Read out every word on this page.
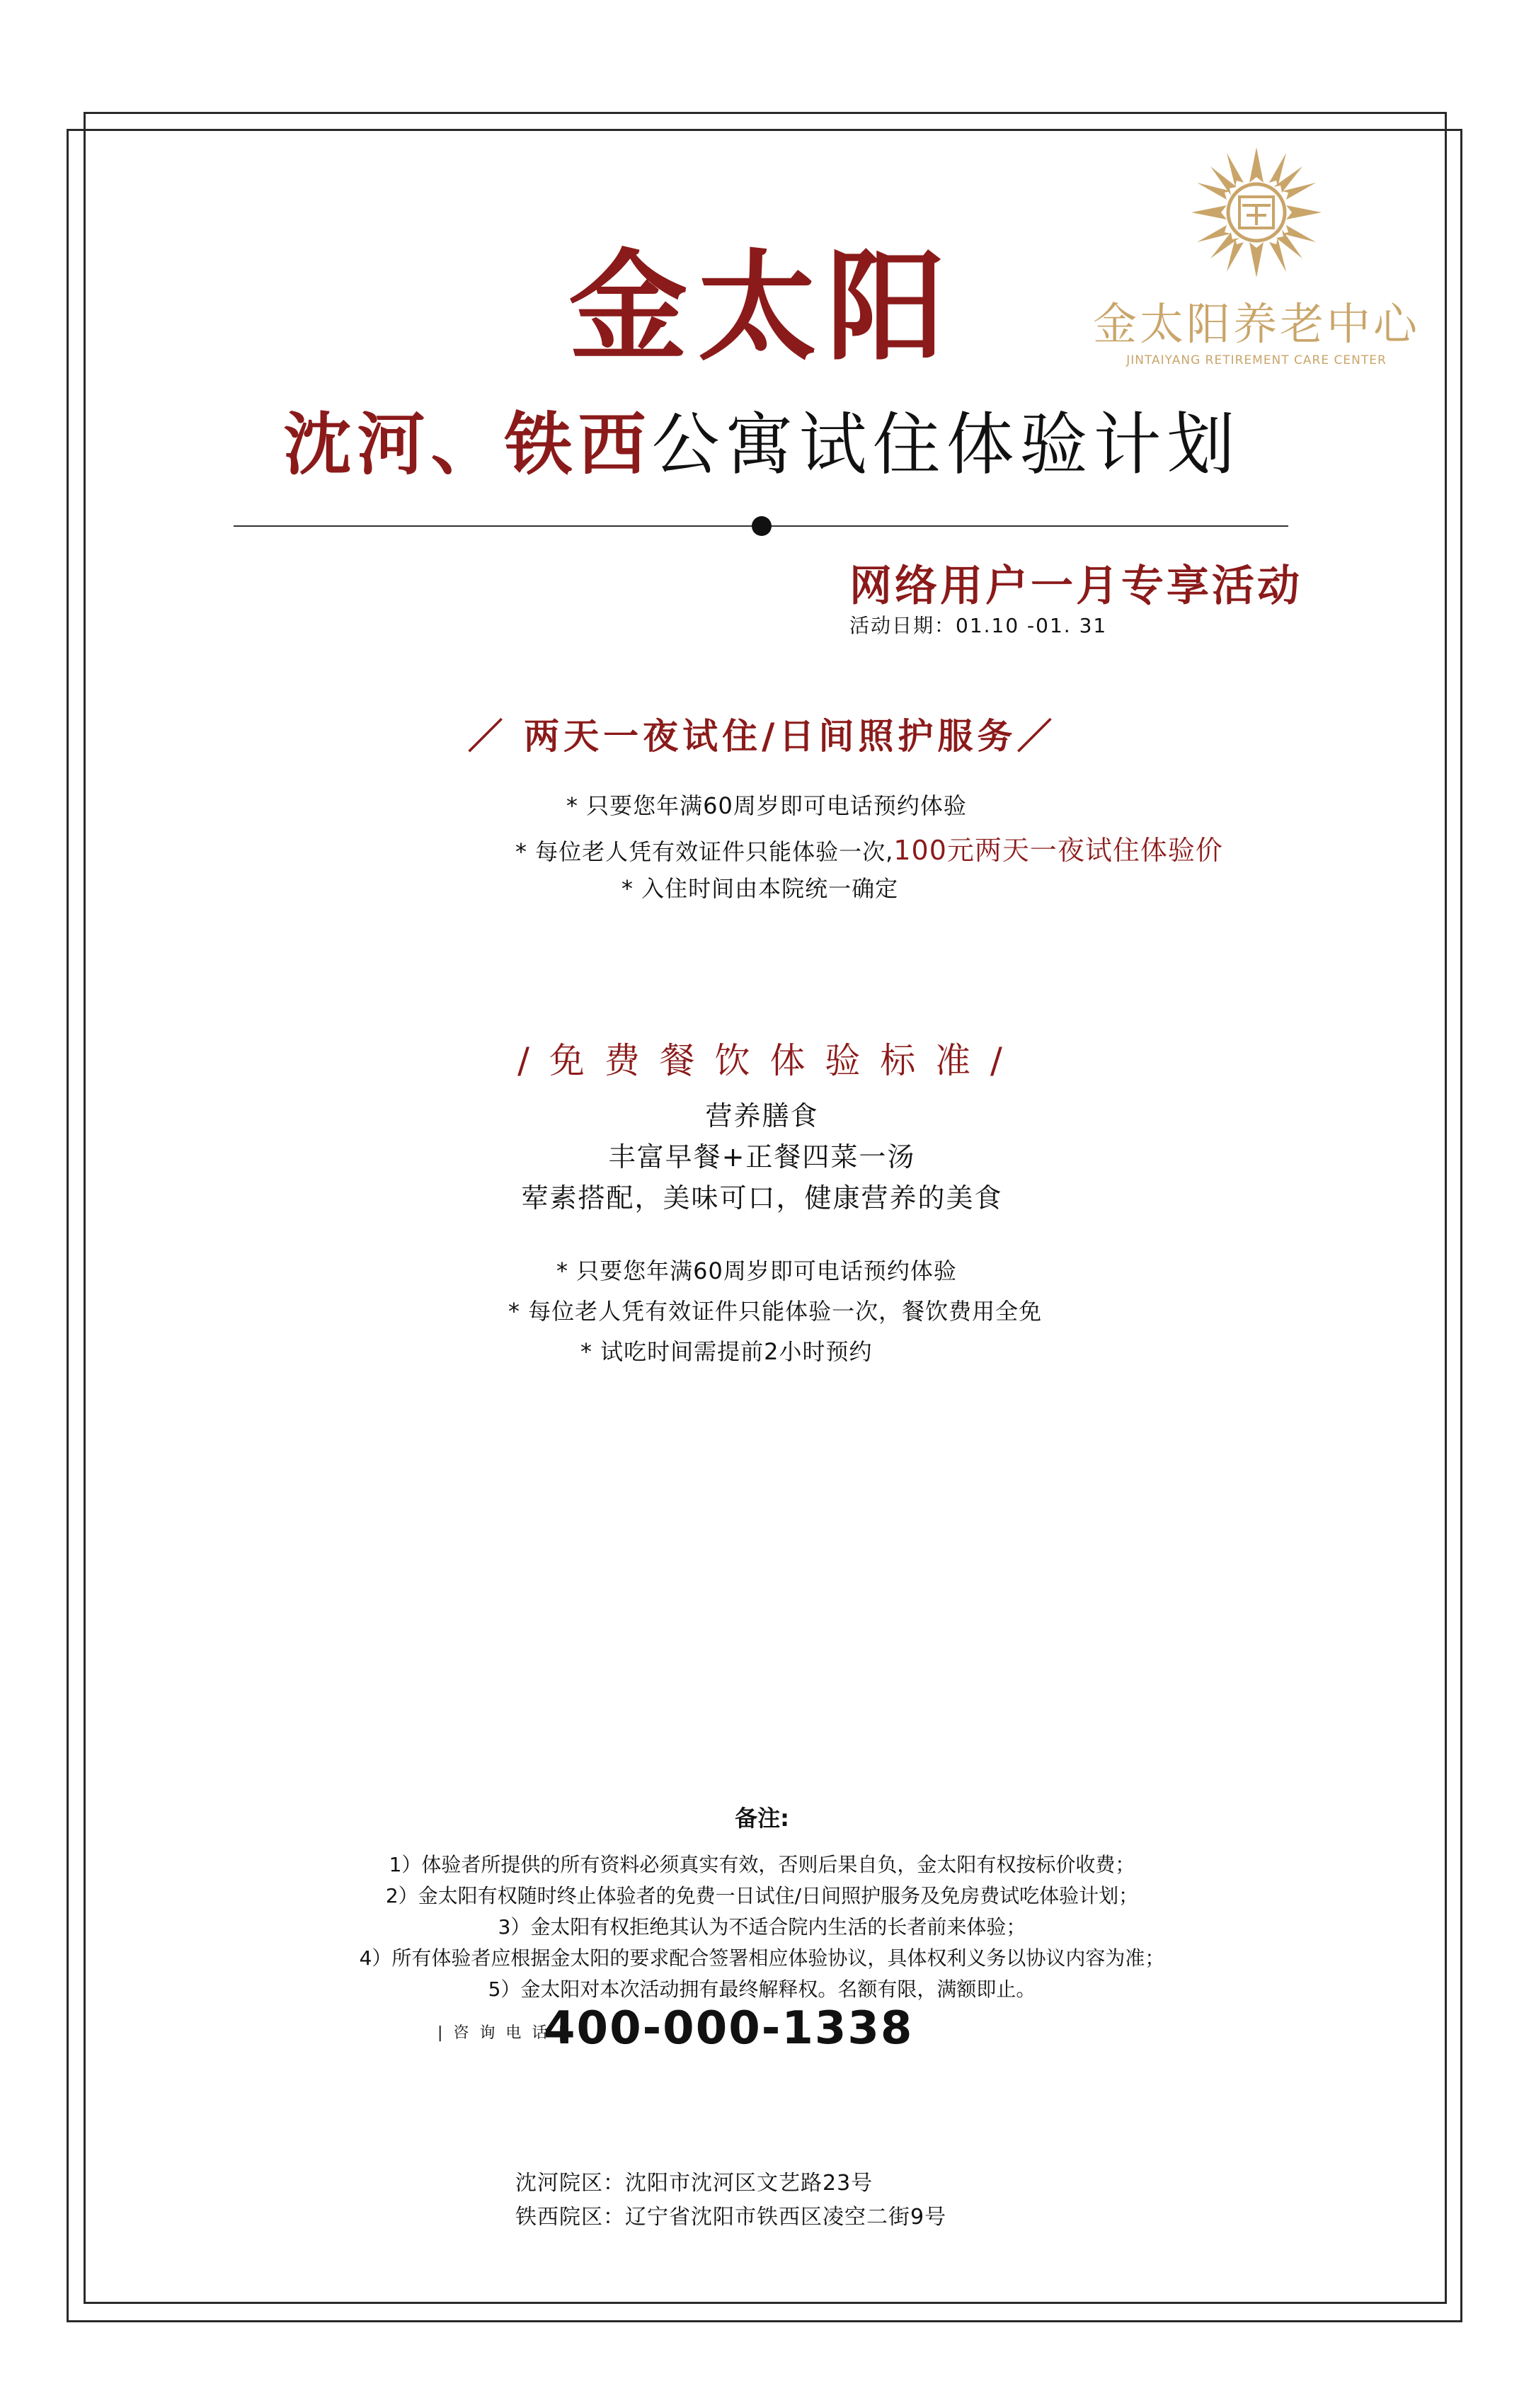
金太阳养老中心
JINTAIYANG RETIREMENT CARE CENTER
金太阳
沈河、铁西公寓试住体验计划
网络用户一月专享活动
活动日期：01.10 -01. 31
／ 两天一夜试住/日间照护服务／
* 只要您年满60周岁即可电话预约体验
* 每位老人凭有效证件只能体验一次,100元两天一夜试住体验价
* 入住时间由本院统一确定
/ 免 费 餐 饮 体 验 标 准 /
营养膳食
丰富早餐+正餐四菜一汤
荤素搭配，美味可口，健康营养的美食
* 只要您年满60周岁即可电话预约体验
* 每位老人凭有效证件只能体验一次，餐饮费用全免
* 试吃时间需提前2小时预约
备注:
1）体验者所提供的所有资料必须真实有效，否则后果自负，金太阳有权按标价收费；
2）金太阳有权随时终止体验者的免费一日试住/日间照护服务及免房费试吃体验计划；
3）金太阳有权拒绝其认为不适合院内生活的长者前来体验；
4）所有体验者应根据金太阳的要求配合签署相应体验协议，具体权利义务以协议内容为准；
5）金太阳对本次活动拥有最终解释权。名额有限，满额即止。
| 咨 询 电 话 |
400-000-1338
沈河院区：沈阳市沈河区文艺路23号
铁西院区：辽宁省沈阳市铁西区凌空二街9号
